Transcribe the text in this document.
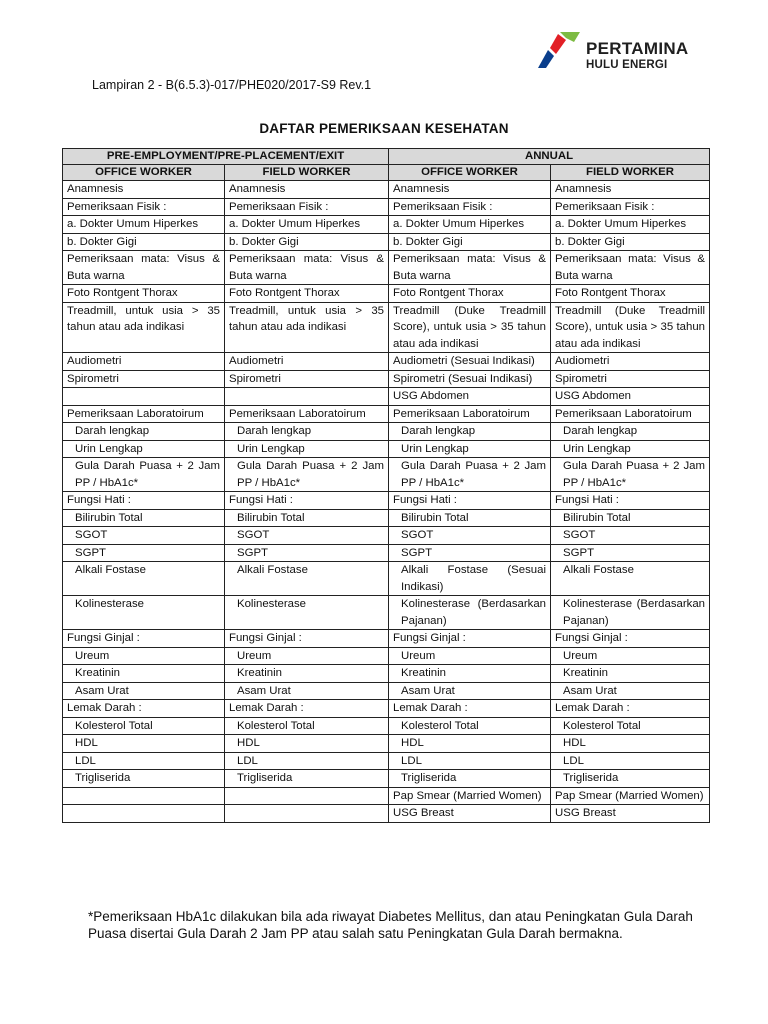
PERTAMINA
HULU ENERGI
Lampiran 2 - B(6.5.3)-017/PHE020/2017-S9 Rev.1
DAFTAR PEMERIKSAAN KESEHATAN
PRE-EMPLOYMENT/PRE-PLACEMENT/EXIT		ANNUAL	
OFFICE WORKER	FIELD WORKER	OFFICE WORKER	FIELD WORKER
Anamnesis	Anamnesis	Anamnesis	Anamnesis
Pemeriksaan Fisik :	Pemeriksaan Fisik :	Pemeriksaan Fisik :	Pemeriksaan Fisik :
a. Dokter Umum Hiperkes	a. Dokter Umum Hiperkes	a. Dokter Umum Hiperkes	a. Dokter Umum Hiperkes
b. Dokter Gigi	b. Dokter Gigi	b. Dokter Gigi	b. Dokter Gigi
Pemeriksaan mata: Visus & Buta warna	Pemeriksaan mata: Visus & Buta warna	Pemeriksaan mata: Visus & Buta warna	Pemeriksaan mata: Visus & Buta warna
Foto Rontgent Thorax	Foto Rontgent Thorax	Foto Rontgent Thorax	Foto Rontgent Thorax
Treadmill, untuk usia > 35 tahun atau ada indikasi	Treadmill, untuk usia > 35 tahun atau ada indikasi	Treadmill (Duke Treadmill Score), untuk usia > 35 tahun atau ada indikasi	Treadmill (Duke Treadmill Score), untuk usia > 35 tahun atau ada indikasi
Audiometri	Audiometri	Audiometri (Sesuai Indikasi)	Audiometri
Spirometri	Spirometri	Spirometri (Sesuai Indikasi)	Spirometri
		USG Abdomen	USG Abdomen
Pemeriksaan Laboratoirum	Pemeriksaan Laboratoirum	Pemeriksaan Laboratoirum	Pemeriksaan Laboratoirum
Darah lengkap	Darah lengkap	Darah lengkap	Darah lengkap
Urin Lengkap	Urin Lengkap	Urin Lengkap	Urin Lengkap
Gula Darah Puasa + 2 Jam PP / HbA1c*	Gula Darah Puasa + 2 Jam PP / HbA1c*	Gula Darah Puasa + 2 Jam PP / HbA1c*	Gula Darah Puasa + 2 Jam PP / HbA1c*
Fungsi Hati :	Fungsi Hati :	Fungsi Hati :	Fungsi Hati :
Bilirubin Total	Bilirubin Total	Bilirubin Total	Bilirubin Total
SGOT	SGOT	SGOT	SGOT
SGPT	SGPT	SGPT	SGPT
Alkali Fostase	Alkali Fostase	Alkali Fostase (Sesuai Indikasi)	Alkali Fostase
Kolinesterase	Kolinesterase	Kolinesterase (Berdasarkan Pajanan)	Kolinesterase (Berdasarkan Pajanan)
Fungsi Ginjal :	Fungsi Ginjal :	Fungsi Ginjal :	Fungsi Ginjal :
Ureum	Ureum	Ureum	Ureum
Kreatinin	Kreatinin	Kreatinin	Kreatinin
Asam Urat	Asam Urat	Asam Urat	Asam Urat
Lemak Darah :	Lemak Darah :	Lemak Darah :	Lemak Darah :
Kolesterol Total	Kolesterol Total	Kolesterol Total	Kolesterol Total
HDL	HDL	HDL	HDL
LDL	LDL	LDL	LDL
Trigliserida	Trigliserida	Trigliserida	Trigliserida
		Pap Smear (Married Women)	Pap Smear (Married Women)
		USG Breast	USG Breast
*Pemeriksaan HbA1c dilakukan bila ada riwayat Diabetes Mellitus, dan atau Peningkatan Gula Darah Puasa disertai Gula Darah 2 Jam PP atau salah satu Peningkatan Gula Darah bermakna.
